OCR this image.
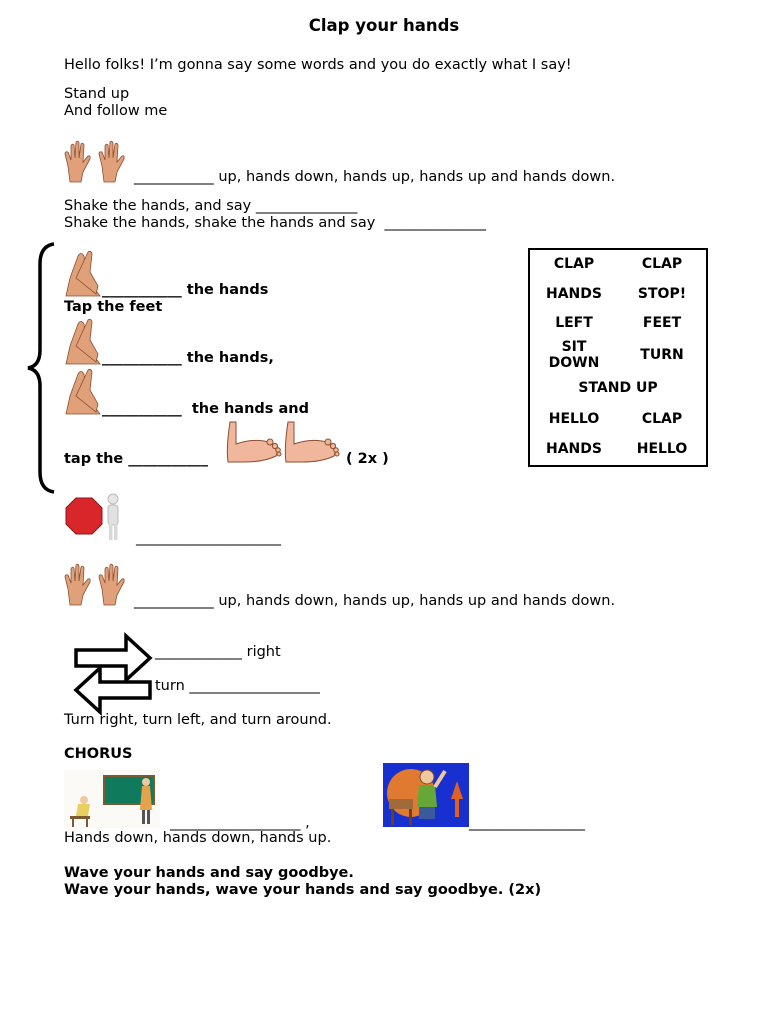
Clap your hands
Hello folks! I’m gonna say some words and you do exactly what I say!
Stand up
And follow me
___________ up, hands down, hands up, hands up and hands down.
Shake the hands, and say ______________
Shake the hands, shake the hands and say  ______________
___________ the hands
Tap the feet
___________ the hands,
___________  the hands and
tap the ___________	( 2x )
CLAP	CLAP
HANDS	STOP!
LEFT	FEET
SIT DOWN	TURN
STAND UP
HELLO	CLAP
HANDS	HELLO
____________________
___________ up, hands down, hands up, hands up and hands down.
____________ right
turn __________________
Turn right, turn left, and turn around.
CHORUS
__________________ ,	________________
Hands down, hands down, hands up.
Wave your hands and say goodbye.
Wave your hands, wave your hands and say goodbye. (2x)
